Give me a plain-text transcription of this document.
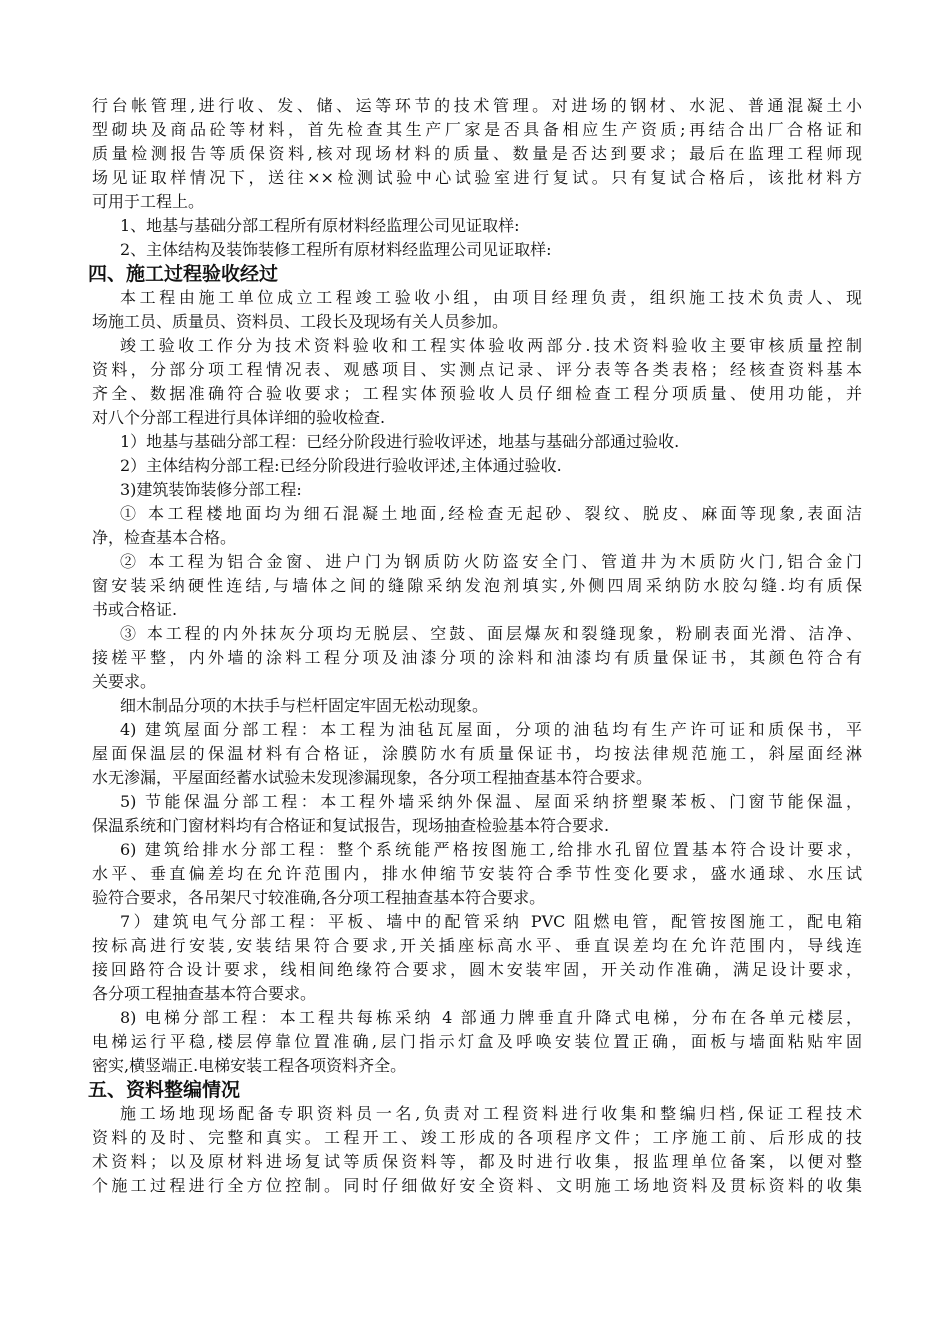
行台帐管理,进行收、发、储、运等环节的技术管理。对进场的钢材、水泥、普通混凝土小
型砌块及商品砼等材料，首先检查其生产厂家是否具备相应生产资质;再结合出厂合格证和
质量检测报告等质保资料,核对现场材料的质量、数量是否达到要求；最后在监理工程师现
场见证取样情况下，送往××检测试验中心试验室进行复试。只有复试合格后，该批材料方
可用于工程上。
1、地基与基础分部工程所有原材料经监理公司见证取样:
2、主体结构及装饰装修工程所有原材料经监理公司见证取样:
四、施工过程验收经过
本工程由施工单位成立工程竣工验收小组，由项目经理负责，组织施工技术负责人、现
场施工员、质量员、资料员、工段长及现场有关人员参加。
竣工验收工作分为技术资料验收和工程实体验收两部分.技术资料验收主要审核质量控制
资料，分部分项工程情况表、观感项目、实测点记录、评分表等各类表格；经核查资料基本
齐全、数据准确符合验收要求；工程实体预验收人员仔细检查工程分项质量、使用功能，并
对八个分部工程进行具体详细的验收检查.
1）地基与基础分部工程：已经分阶段进行验收评述，地基与基础分部通过验收.
2）主体结构分部工程:已经分阶段进行验收评述,主体通过验收.
3)建筑装饰装修分部工程:
① 本工程楼地面均为细石混凝土地面,经检查无起砂、裂纹、脱皮、麻面等现象,表面洁
净，检查基本合格。
② 本工程为铝合金窗、进户门为钢质防火防盗安全门、管道井为木质防火门,铝合金门
窗安装采纳硬性连结,与墙体之间的缝隙采纳发泡剂填实,外侧四周采纳防水胶勾缝.均有质保
书或合格证.
③ 本工程的内外抹灰分项均无脱层、空鼓、面层爆灰和裂缝现象，粉刷表面光滑、洁净、
接槎平整，内外墙的涂料工程分项及油漆分项的涂料和油漆均有质量保证书，其颜色符合有
关要求。
细木制品分项的木扶手与栏杆固定牢固无松动现象。
4) 建筑屋面分部工程：本工程为油毡瓦屋面，分项的油毡均有生产许可证和质保书，平
屋面保温层的保温材料有合格证，涂膜防水有质量保证书，均按法律规范施工，斜屋面经淋
水无渗漏，平屋面经蓄水试验未发现渗漏现象，各分项工程抽查基本符合要求。
5) 节能保温分部工程：本工程外墙采纳外保温、屋面采纳挤塑聚苯板、门窗节能保温，
保温系统和门窗材料均有合格证和复试报告，现场抽查检验基本符合要求.
6) 建筑给排水分部工程：整个系统能严格按图施工,给排水孔留位置基本符合设计要求，
水平、垂直偏差均在允许范围内，排水伸缩节安装符合季节性变化要求，盛水通球、水压试
验符合要求，各吊架尺寸较准确,各分项工程抽查基本符合要求。
7）建筑电气分部工程：平板、墙中的配管采纳 PVC 阻燃电管，配管按图施工，配电箱
按标高进行安装,安装结果符合要求,开关插座标高水平、垂直误差均在允许范围内，导线连
接回路符合设计要求，线相间绝缘符合要求，圆木安装牢固，开关动作准确，满足设计要求，
各分项工程抽查基本符合要求。
8) 电梯分部工程：本工程共每栋采纳 4 部通力牌垂直升降式电梯，分布在各单元楼层，
电梯运行平稳,楼层停靠位置准确,层门指示灯盒及呼唤安装位置正确，面板与墙面粘贴牢固
密实,横竖端正.电梯安装工程各项资料齐全。
五、资料整编情况
施工场地现场配备专职资料员一名,负责对工程资料进行收集和整编归档,保证工程技术
资料的及时、完整和真实。工程开工、竣工形成的各项程序文件；工序施工前、后形成的技
术资料；以及原材料进场复试等质保资料等，都及时进行收集，报监理单位备案，以便对整
个施工过程进行全方位控制。同时仔细做好安全资料、文明施工场地资料及贯标资料的收集
